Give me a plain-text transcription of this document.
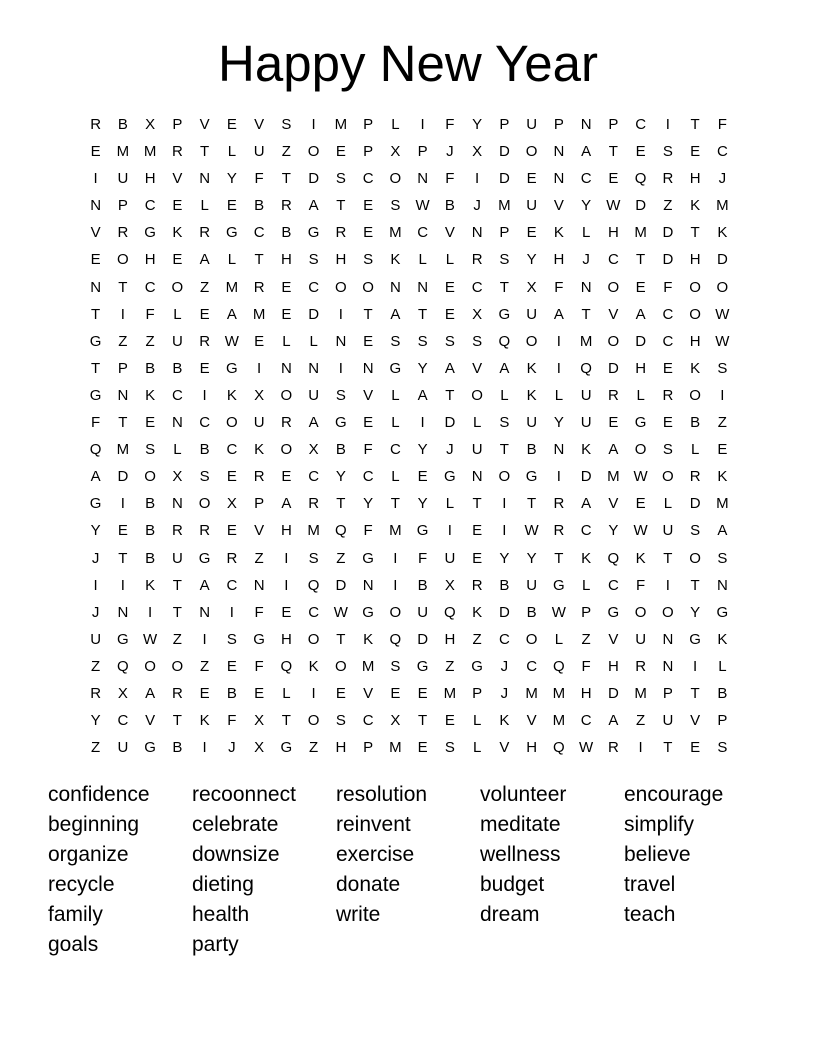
Happy New Year
R B X P V E V S I M P L I F Y P U P N P C I T F
E M M R T L U Z O E P X P J X D O N A T E S E C
I U H V N Y F T D S C O N F I D E N C E Q R H J
N P C E L E B R A T E S W B J M U V Y W D Z K M
V R G K R G C B G R E M C V N P E K L H M D T K
E O H E A L T H S H S K L L R S Y H J C T D H D
N T C O Z M R E C O O N N E C T X F N O E F O O
T I F L E A M E D I T A T E X G U A T V A C O W
G Z Z U R W E L L N E S S S S Q O I M O D C H W
T P B B E G I N N I N G Y A V A K I Q D H E K S
G N K C I K X O U S V L A T O L K L U R L R O I
F T E N C O U R A G E L I D L S U Y U E G E B Z
Q M S L B C K O X B F C Y J U T B N K A O S L E
A D O X S E R E C Y C L E G N O G I D M W O R K
G I B N O X P A R T Y T Y L T I T R A V E L D M
Y E B R R E V H M Q F M G I E I W R C Y W U S A
J T B U G R Z I S Z G I F U E Y Y T K Q K T O S
I I K T A C N I Q D N I B X R B U G L C F I T N
J N I T N I F E C W G O U Q K D B W P G O O Y G
U G W Z I S G H O T K Q D H Z C O L Z V U N G K
Z Q O O Z E F Q K O M S G Z G J C Q F H R N I L
R X A R E B E L I E V E E M P J M M H D M P T B
Y C V T K F X T O S C X T E L K V M C A Z U V P
Z U G B I J X G Z H P M E S L V H Q W R I T E S
confidence	recoonnect	resolution	volunteer	encourage
beginning	celebrate	reinvent	meditate	simplify
organize	downsize	exercise	wellness	believe
recycle	dieting	donate	budget	travel
family	health	write	dream	teach
goals	party
